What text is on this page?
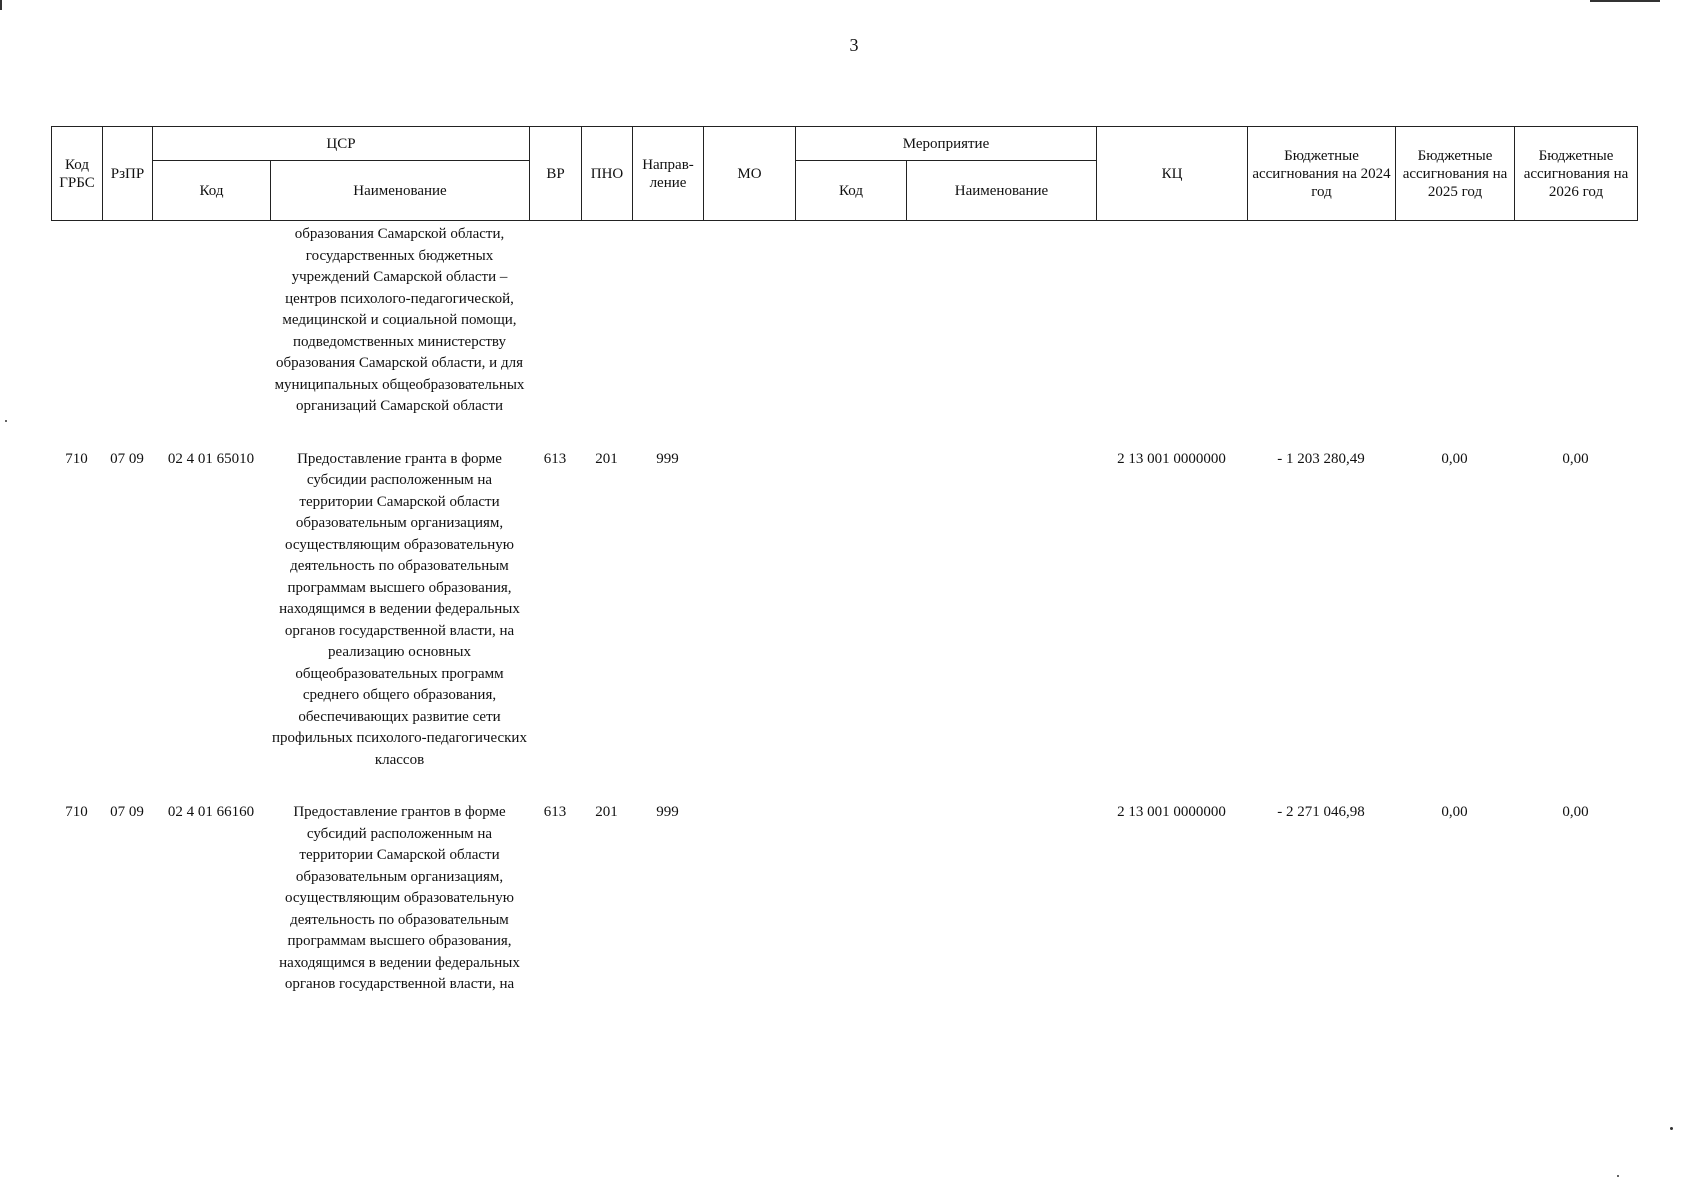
3
Код ГРБС	РзПР	ЦСР		ВР	ПНО	Направ-ление	МО	Мероприятие		КЦ	Бюджетные ассигнования на 2024 год	Бюджетные ассигнования на 2025 год	Бюджетные ассигнования на 2026 год
		Код	Наименование					Код	Наименование				
			образования Самарской области, государственных бюджетных учреждений Самарской области – центров психолого-педагогической, медицинской и социальной помощи, подведомственных министерству образования Самарской области, и для муниципальных общеобразовательных организаций Самарской области										

710	07 09	02 4 01 65010	Предоставление гранта в форме субсидии расположенным на территории Самарской области образовательным организациям, осуществляющим образовательную деятельность по образовательным программам высшего образования, находящимся в ведении федеральных органов государственной власти, на реализацию основных общеобразовательных программ среднего общего образования, обеспечивающих развитие сети профильных психолого-педагогических классов	613	201	999				2 13 001 0000000	- 1 203 280,49	0,00	0,00

710	07 09	02 4 01 66160	Предоставление грантов в форме субсидий расположенным на территории Самарской области образовательным организациям, осуществляющим образовательную деятельность по образовательным программам высшего образования, находящимся в ведении федеральных органов государственной власти, на	613	201	999				2 13 001 0000000	- 2 271 046,98	0,00	0,00
